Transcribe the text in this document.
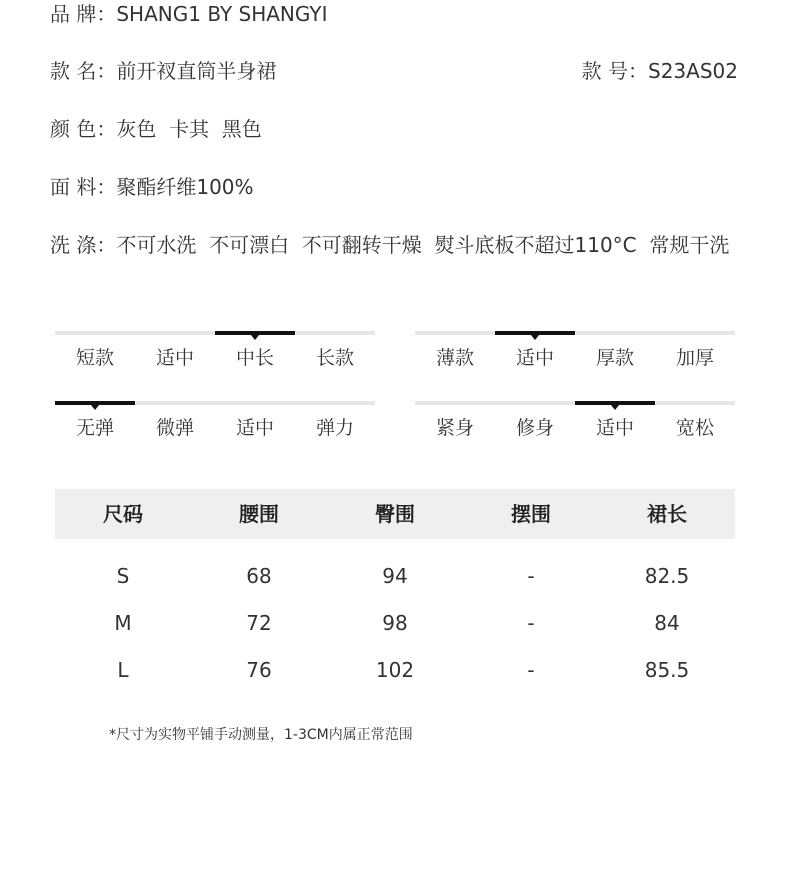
品 牌：SHANG1 BY SHANGYI
款 名：前开衩直筒半身裙	款 号：S23AS02
颜 色：灰色  卡其  黑色
面 料：聚酯纤维100%
洗 涤：不可水洗  不可漂白  不可翻转干燥  熨斗底板不超过110°C  常规干洗
短款	适中	中长	长款	薄款	适中	厚款	加厚
无弹	微弹	适中	弹力	紧身	修身	适中	宽松
尺码	腰围	臀围	摆围	裙长
S	68	94	-	82.5
M	72	98	-	84
L	76	102	-	85.5
*尺寸为实物平铺手动测量，1-3CM内属正常范围
